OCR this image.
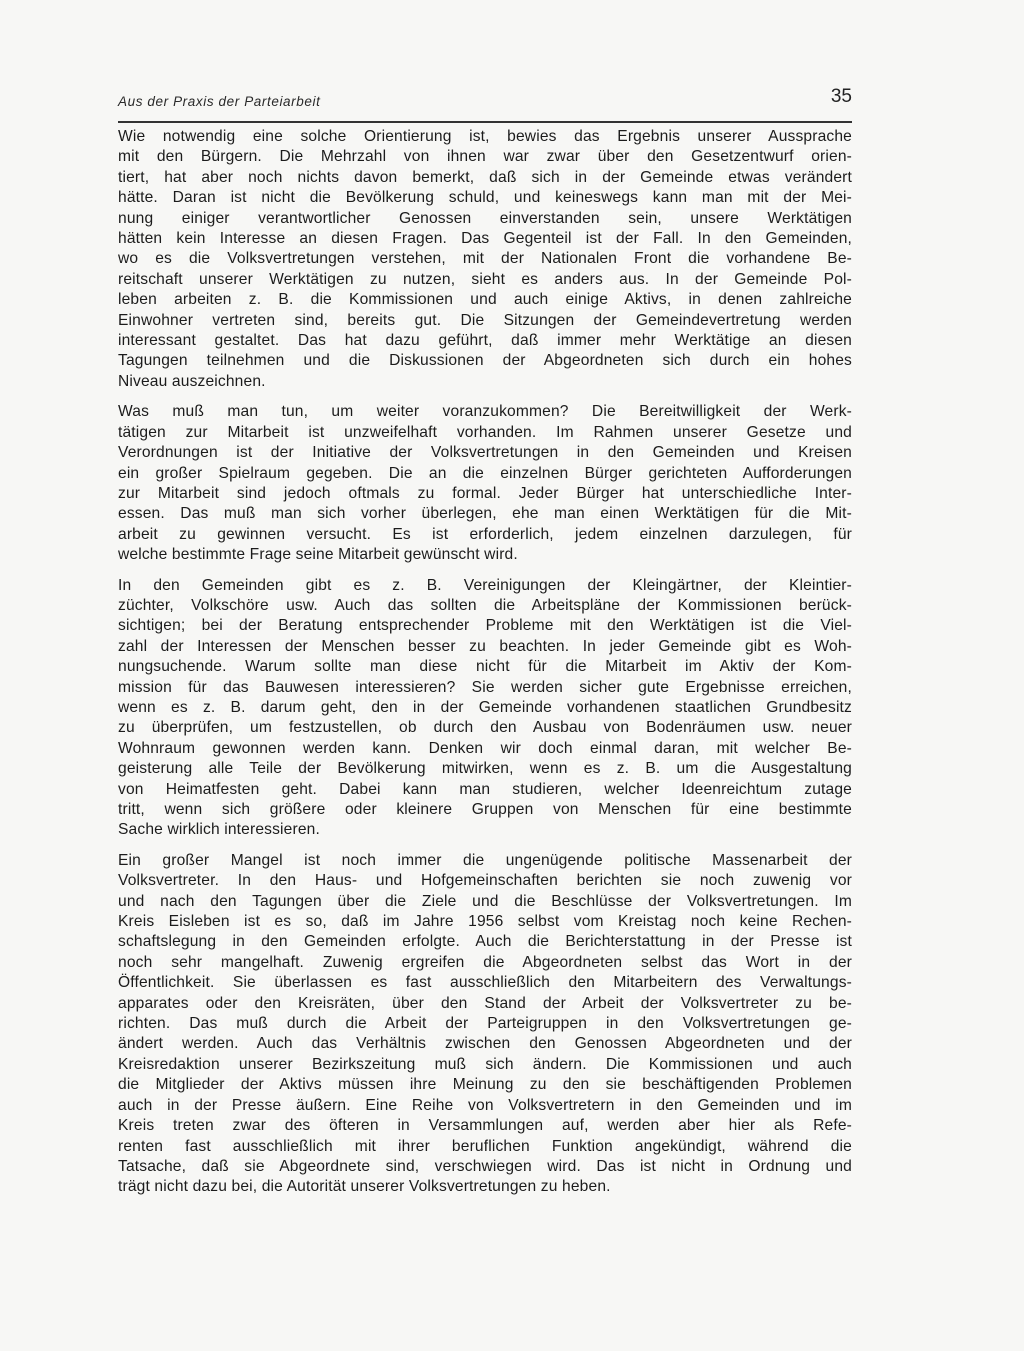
Aus der Praxis der Parteiarbeit	35
Wie notwendig eine solche Orientierung ist, bewies das Ergebnis unserer Aussprache
mit den Bürgern. Die Mehrzahl von ihnen war zwar über den Gesetzentwurf orien-
tiert, hat aber noch nichts davon bemerkt, daß sich in der Gemeinde etwas verändert
hätte. Daran ist nicht die Bevölkerung schuld, und keineswegs kann man mit der Mei-
nung einiger verantwortlicher Genossen einverstanden sein, unsere Werktätigen
hätten kein Interesse an diesen Fragen. Das Gegenteil ist der Fall. In den Gemeinden,
wo es die Volksvertretungen verstehen, mit der Nationalen Front die vorhandene Be-
reitschaft unserer Werktätigen zu nutzen, sieht es anders aus. In der Gemeinde Pol-
leben arbeiten z. B. die Kommissionen und auch einige Aktivs, in denen zahlreiche
Einwohner vertreten sind, bereits gut. Die Sitzungen der Gemeindevertretung werden
interessant gestaltet. Das hat dazu geführt, daß immer mehr Werktätige an diesen
Tagungen teilnehmen und die Diskussionen der Abgeordneten sich durch ein hohes
Niveau auszeichnen.
Was muß man tun, um weiter voranzukommen? Die Bereitwilligkeit der Werk-
tätigen zur Mitarbeit ist unzweifelhaft vorhanden. Im Rahmen unserer Gesetze und
Verordnungen ist der Initiative der Volksvertretungen in den Gemeinden und Kreisen
ein großer Spielraum gegeben. Die an die einzelnen Bürger gerichteten Aufforderungen
zur Mitarbeit sind jedoch oftmals zu formal. Jeder Bürger hat unterschiedliche Inter-
essen. Das muß man sich vorher überlegen, ehe man einen Werktätigen für die Mit-
arbeit zu gewinnen versucht. Es ist erforderlich, jedem einzelnen darzulegen, für
welche bestimmte Frage seine Mitarbeit gewünscht wird.
In den Gemeinden gibt es z. B. Vereinigungen der Kleingärtner, der Kleintier-
züchter, Volkschöre usw. Auch das sollten die Arbeitspläne der Kommissionen berück-
sichtigen; bei der Beratung entsprechender Probleme mit den Werktätigen ist die Viel-
zahl der Interessen der Menschen besser zu beachten. In jeder Gemeinde gibt es Woh-
nungsuchende. Warum sollte man diese nicht für die Mitarbeit im Aktiv der Kom-
mission für das Bauwesen interessieren? Sie werden sicher gute Ergebnisse erreichen,
wenn es z. B. darum geht, den in der Gemeinde vorhandenen staatlichen Grundbesitz
zu überprüfen, um festzustellen, ob durch den Ausbau von Bodenräumen usw. neuer
Wohnraum gewonnen werden kann. Denken wir doch einmal daran, mit welcher Be-
geisterung alle Teile der Bevölkerung mitwirken, wenn es z. B. um die Ausgestaltung
von Heimatfesten geht. Dabei kann man studieren, welcher Ideenreichtum zutage
tritt, wenn sich größere oder kleinere Gruppen von Menschen für eine bestimmte
Sache wirklich interessieren.
Ein großer Mangel ist noch immer die ungenügende politische Massenarbeit der
Volksvertreter. In den Haus- und Hofgemeinschaften berichten sie noch zuwenig vor
und nach den Tagungen über die Ziele und die Beschlüsse der Volksvertretungen. Im
Kreis Eisleben ist es so, daß im Jahre 1956 selbst vom Kreistag noch keine Rechen-
schaftslegung in den Gemeinden erfolgte. Auch die Berichterstattung in der Presse ist
noch sehr mangelhaft. Zuwenig ergreifen die Abgeordneten selbst das Wort in der
Öffentlichkeit. Sie überlassen es fast ausschließlich den Mitarbeitern des Verwaltungs-
apparates oder den Kreisräten, über den Stand der Arbeit der Volksvertreter zu be-
richten. Das muß durch die Arbeit der Parteigruppen in den Volksvertretungen ge-
ändert werden. Auch das Verhältnis zwischen den Genossen Abgeordneten und der
Kreisredaktion unserer Bezirkszeitung muß sich ändern. Die Kommissionen und auch
die Mitglieder der Aktivs müssen ihre Meinung zu den sie beschäftigenden Problemen
auch in der Presse äußern. Eine Reihe von Volksvertretern in den Gemeinden und im
Kreis treten zwar des öfteren in Versammlungen auf, werden aber hier als Refe-
renten fast ausschließlich mit ihrer beruflichen Funktion angekündigt, während die
Tatsache, daß sie Abgeordnete sind, verschwiegen wird. Das ist nicht in Ordnung und
trägt nicht dazu bei, die Autorität unserer Volksvertretungen zu heben.
